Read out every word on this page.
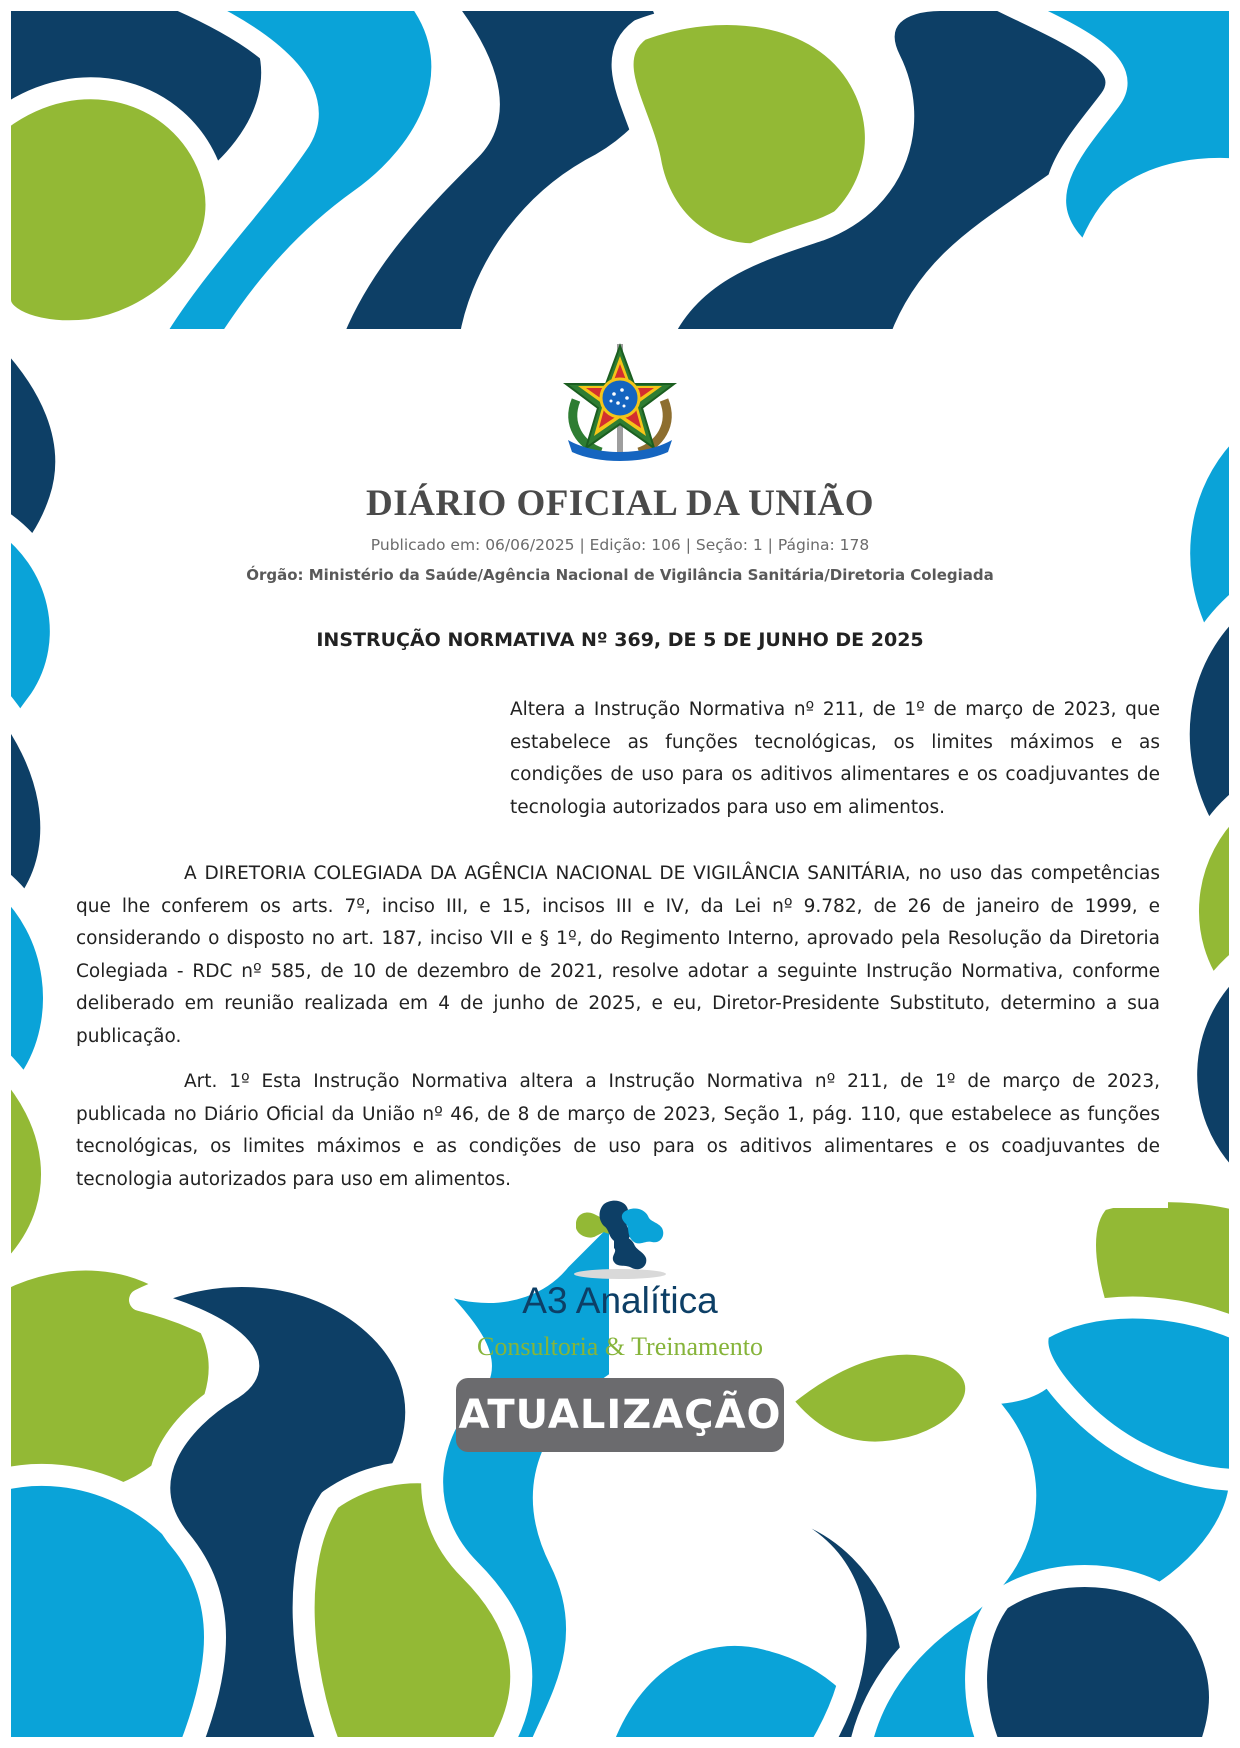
DIÁRIO OFICIAL DA UNIÃO
Publicado em: 06/06/2025 | Edição: 106 | Seção: 1 | Página: 178
Órgão: Ministério da Saúde/Agência Nacional de Vigilância Sanitária/Diretoria Colegiada
INSTRUÇÃO NORMATIVA Nº 369, DE 5 DE JUNHO DE 2025
Altera a Instrução Normativa nº 211, de 1º de março de 2023, que estabelece as funções tecnológicas, os limites máximos e as condições de uso para os aditivos alimentares e os coadjuvantes de tecnologia autorizados para uso em alimentos.

A DIRETORIA COLEGIADA DA AGÊNCIA NACIONAL DE VIGILÂNCIA SANITÁRIA, no uso das competências que lhe conferem os arts. 7º, inciso III, e 15, incisos III e IV, da Lei nº 9.782, de 26 de janeiro de 1999, e considerando o disposto no art. 187, inciso VII e § 1º, do Regimento Interno, aprovado pela Resolução da Diretoria Colegiada - RDC nº 585, de 10 de dezembro de 2021, resolve adotar a seguinte Instrução Normativa, conforme deliberado em reunião realizada em 4 de junho de 2025, e eu, Diretor-Presidente Substituto, determino a sua publicação.

Art. 1º Esta Instrução Normativa altera a Instrução Normativa nº 211, de 1º de março de 2023, publicada no Diário Oficial da União nº 46, de 8 de março de 2023, Seção 1, pág. 110, que estabelece as funções tecnológicas, os limites máximos e as condições de uso para os aditivos alimentares e os coadjuvantes de tecnologia autorizados para uso em alimentos.

A3 Analítica
Consultoria & Treinamento
ATUALIZAÇÃO
